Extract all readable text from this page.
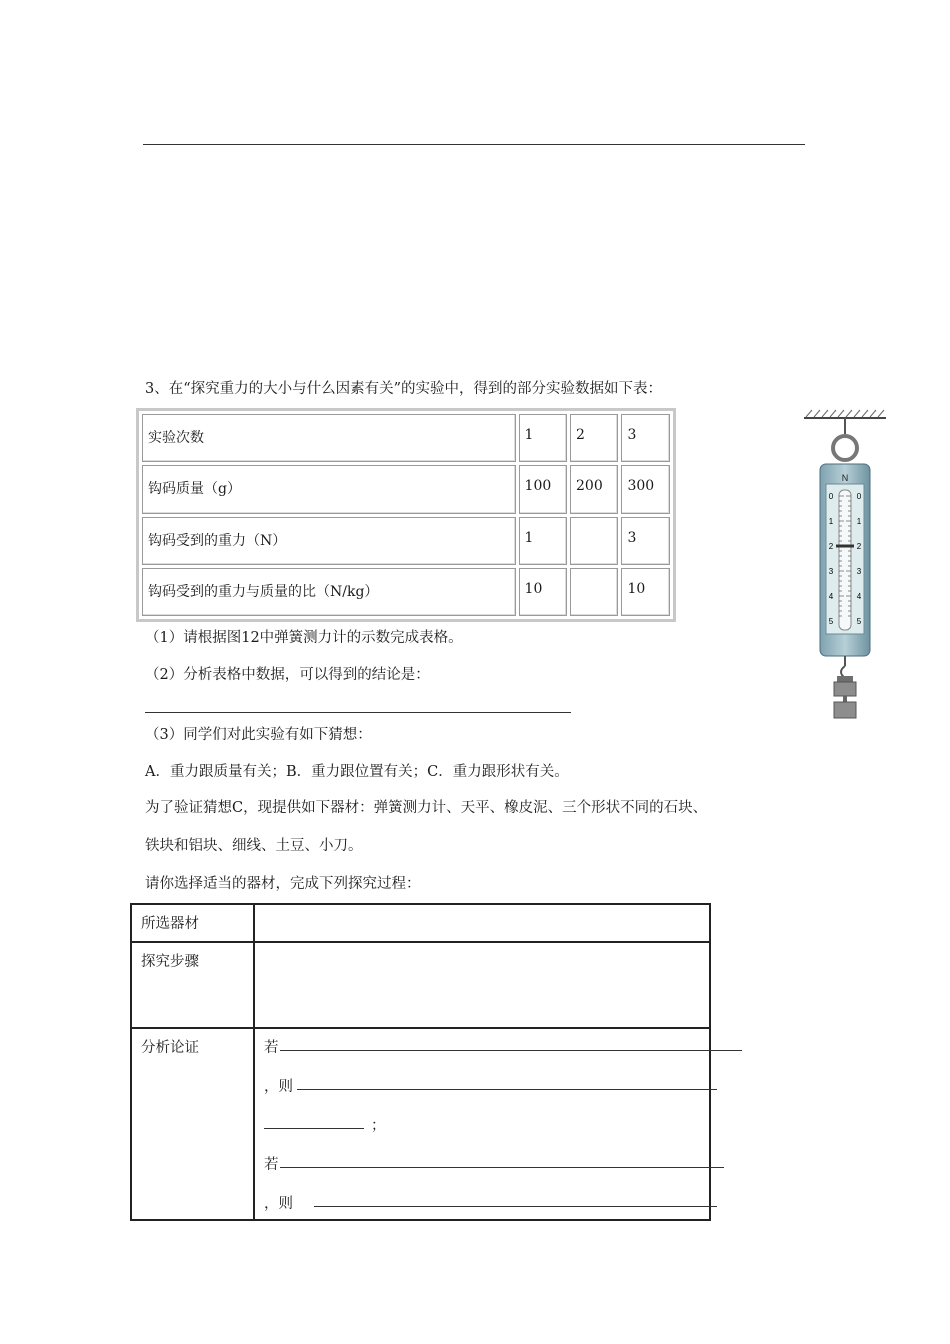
3、在“探究重力的大小与什么因素有关”的实验中，得到的部分实验数据如下表：
实验次数	1	2	3
钩码质量（g）	100	200	300
钩码受到的重力（N）	1		3
钩码受到的重力与质量的比（N/kg）	10		10
（1）请根据图12中弹簧测力计的示数完成表格。
（2）分析表格中数据，可以得到的结论是：
（3）同学们对此实验有如下猜想：
A．重力跟质量有关；B．重力跟位置有关；C．重力跟形状有关。
为了验证猜想C，现提供如下器材：弹簧测力计、天平、橡皮泥、三个形状不同的石块、
铁块和铝块、细线、土豆、小刀。
请你选择适当的器材，完成下列探究过程：
所选器材	
探究步骤	
分析论证	若
，则
；
若
，则
N
0	0
1	1
2	2
3	3
4	4
5	5
